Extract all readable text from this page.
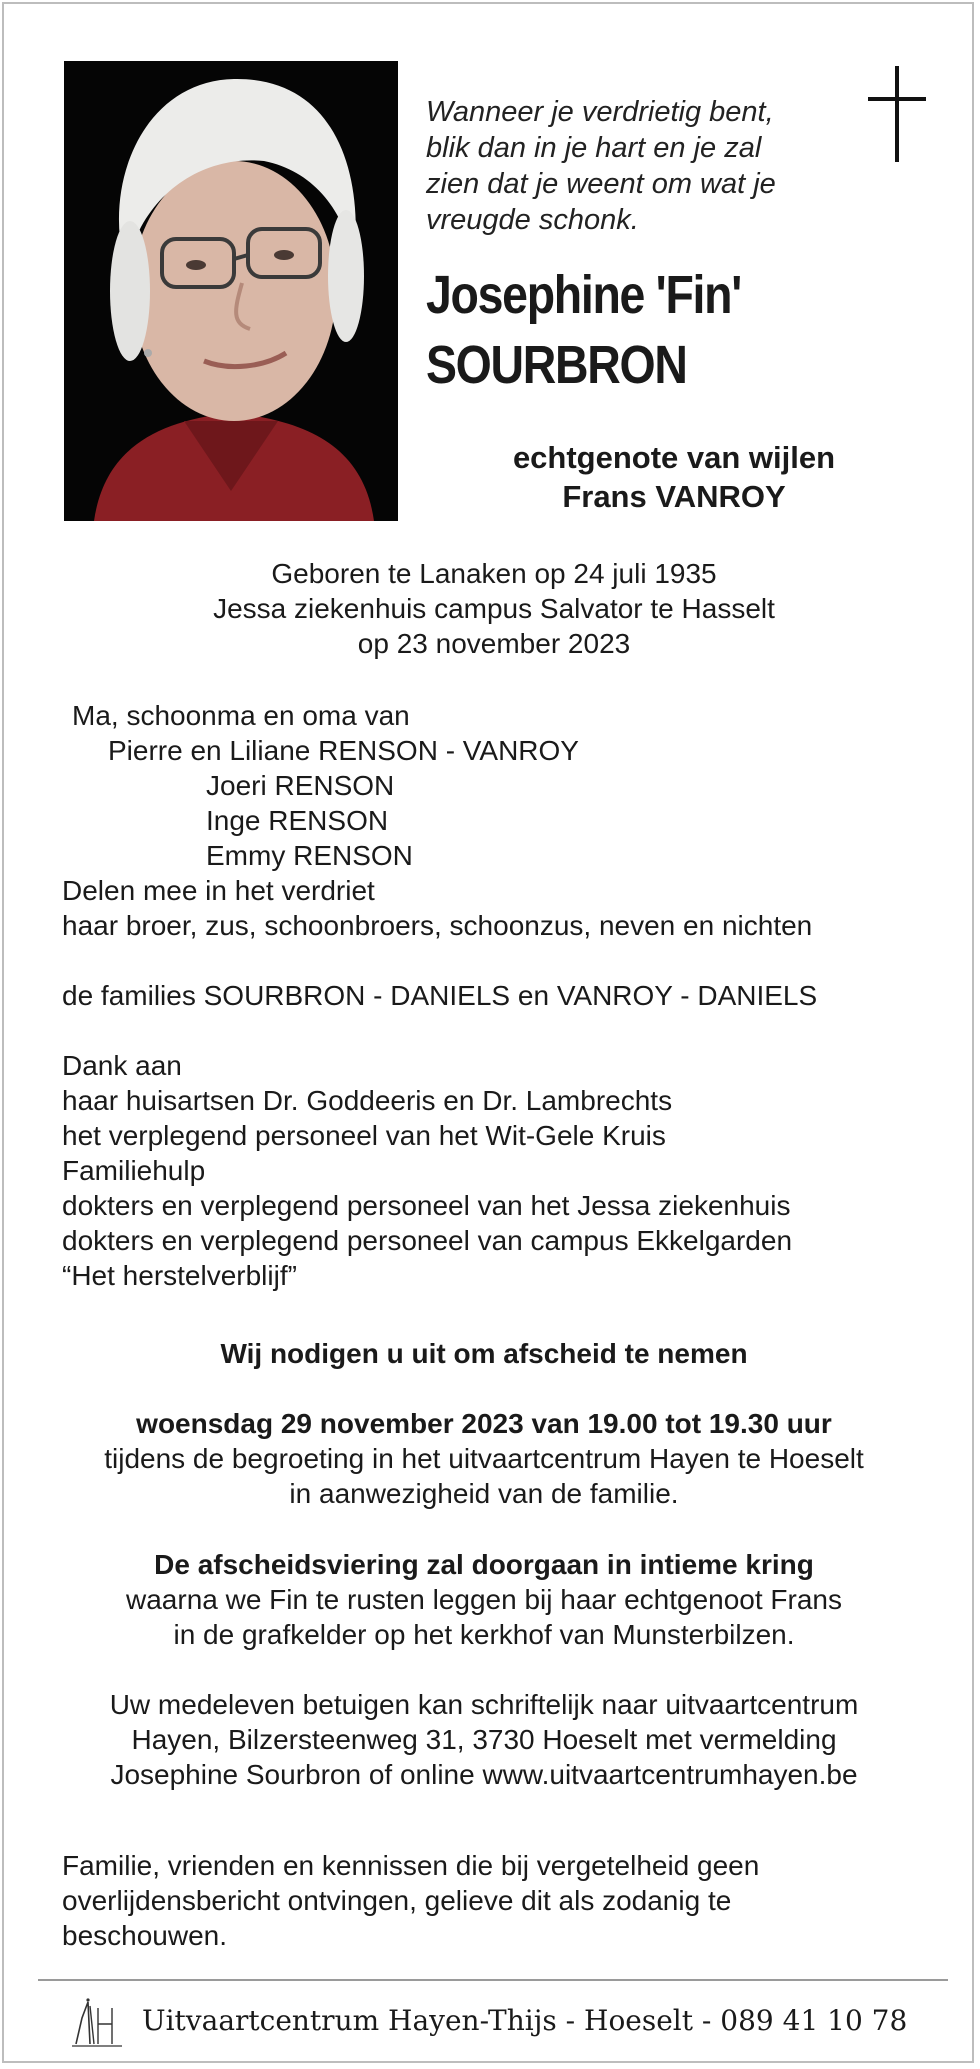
Wanneer je verdrietig bent,
blik dan in je hart en je zal
zien dat je weent om wat je
vreugde schonk.
Josephine 'Fin'
SOURBRON
echtgenote van wijlen
Frans VANROY
Geboren te Lanaken op 24 juli 1935
Jessa ziekenhuis campus Salvator te Hasselt
op 23 november 2023
Ma, schoonma en oma van
Pierre en Liliane RENSON - VANROY
Joeri RENSON
Inge RENSON
Emmy RENSON
Delen mee in het verdriet
haar broer, zus, schoonbroers, schoonzus, neven en nichten
de families SOURBRON - DANIELS en VANROY - DANIELS
Dank aan
haar huisartsen Dr. Goddeeris en Dr. Lambrechts
het verplegend personeel van het Wit-Gele Kruis
Familiehulp
dokters en verplegend personeel van het Jessa ziekenhuis
dokters en verplegend personeel van campus Ekkelgarden
“Het herstelverblijf”
Wij nodigen u uit om afscheid te nemen
woensdag 29 november 2023 van 19.00 tot 19.30 uur
tijdens de begroeting in het uitvaartcentrum Hayen te Hoeselt
in aanwezigheid van de familie.
De afscheidsviering zal doorgaan in intieme kring
waarna we Fin te rusten leggen bij haar echtgenoot Frans
in de grafkelder op het kerkhof van Munsterbilzen.
Uw medeleven betuigen kan schriftelijk naar uitvaartcentrum
Hayen, Bilzersteenweg 31, 3730 Hoeselt met vermelding
Josephine Sourbron of online www.uitvaartcentrumhayen.be
Familie, vrienden en kennissen die bij vergetelheid geen
overlijdensbericht ontvingen, gelieve dit als zodanig te
beschouwen.
Uitvaartcentrum Hayen-Thijs - Hoeselt - 089 41 10 78
